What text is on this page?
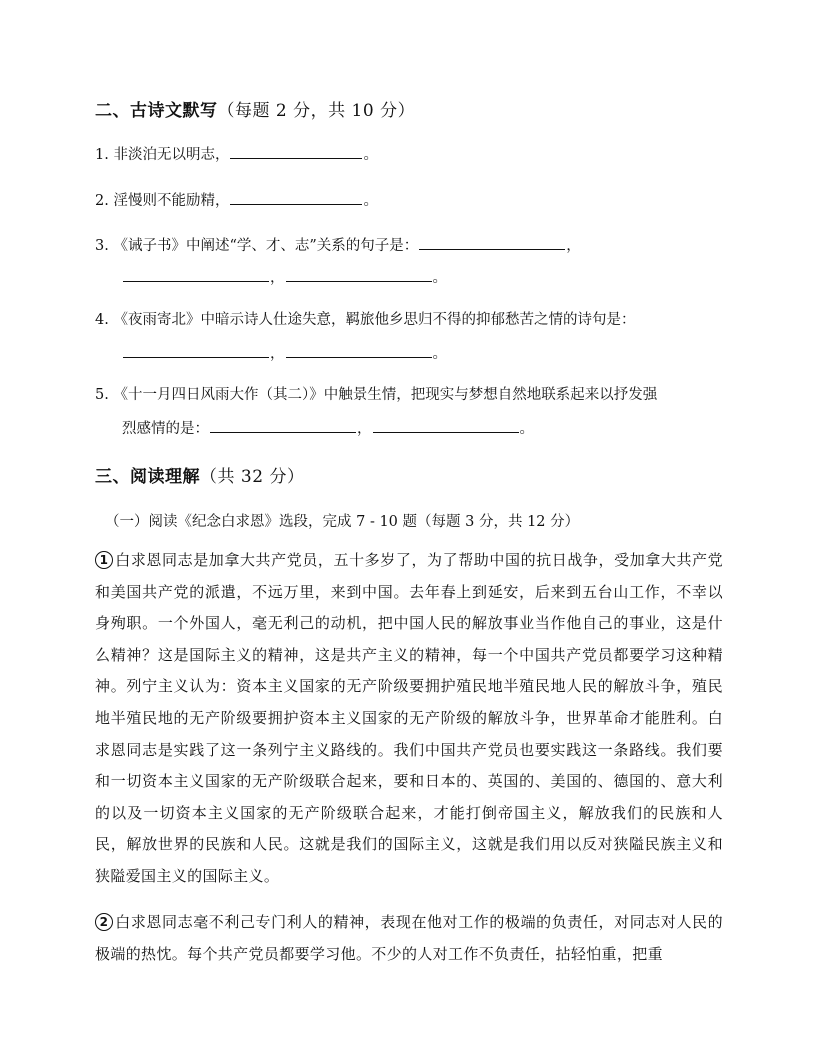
二、古诗文默写（每题 2 分，共 10 分）
1. 非淡泊无以明志，	。
2. 淫慢则不能励精，	。
3. 《诫子书》中阐述“学、才、志”关系的句子是：	，
，	。
4. 《夜雨寄北》中暗示诗人仕途失意，羁旅他乡思归不得的抑郁愁苦之情的诗句是：
，	。
5. 《十一月四日风雨大作（其二）》中触景生情，把现实与梦想自然地联系起来以抒发强
烈感情的是：	，	。
三、阅读理解（共 32 分）
（一）阅读《纪念白求恩》选段，完成 7 - 10 题（每题 3 分，共 12 分）
1 白求恩同志是加拿大共产党员，五十多岁了，为了帮助中国的抗日战争，受加拿大共产党和美国共产党的派遣，不远万里，来到中国。去年春上到延安，后来到五台山工作，不幸以身殉职。一个外国人，毫无利己的动机，把中国人民的解放事业当作他自己的事业，这是什么精神？这是国际主义的精神，这是共产主义的精神，每一个中国共产党员都要学习这种精神。列宁主义认为：资本主义国家的无产阶级要拥护殖民地半殖民地人民的解放斗争，殖民地半殖民地的无产阶级要拥护资本主义国家的无产阶级的解放斗争，世界革命才能胜利。白求恩同志是实践了这一条列宁主义路线的。我们中国共产党员也要实践这一条路线。我们要和一切资本主义国家的无产阶级联合起来，要和日本的、英国的、美国的、德国的、意大利的以及一切资本主义国家的无产阶级联合起来，才能打倒帝国主义，解放我们的民族和人民，解放世界的民族和人民。这就是我们的国际主义，这就是我们用以反对狭隘民族主义和狭隘爱国主义的国际主义。
2 白求恩同志毫不利己专门利人的精神，表现在他对工作的极端的负责任，对同志对人民的极端的热忱。每个共产党员都要学习他。不少的人对工作不负责任，拈轻怕重，把重
